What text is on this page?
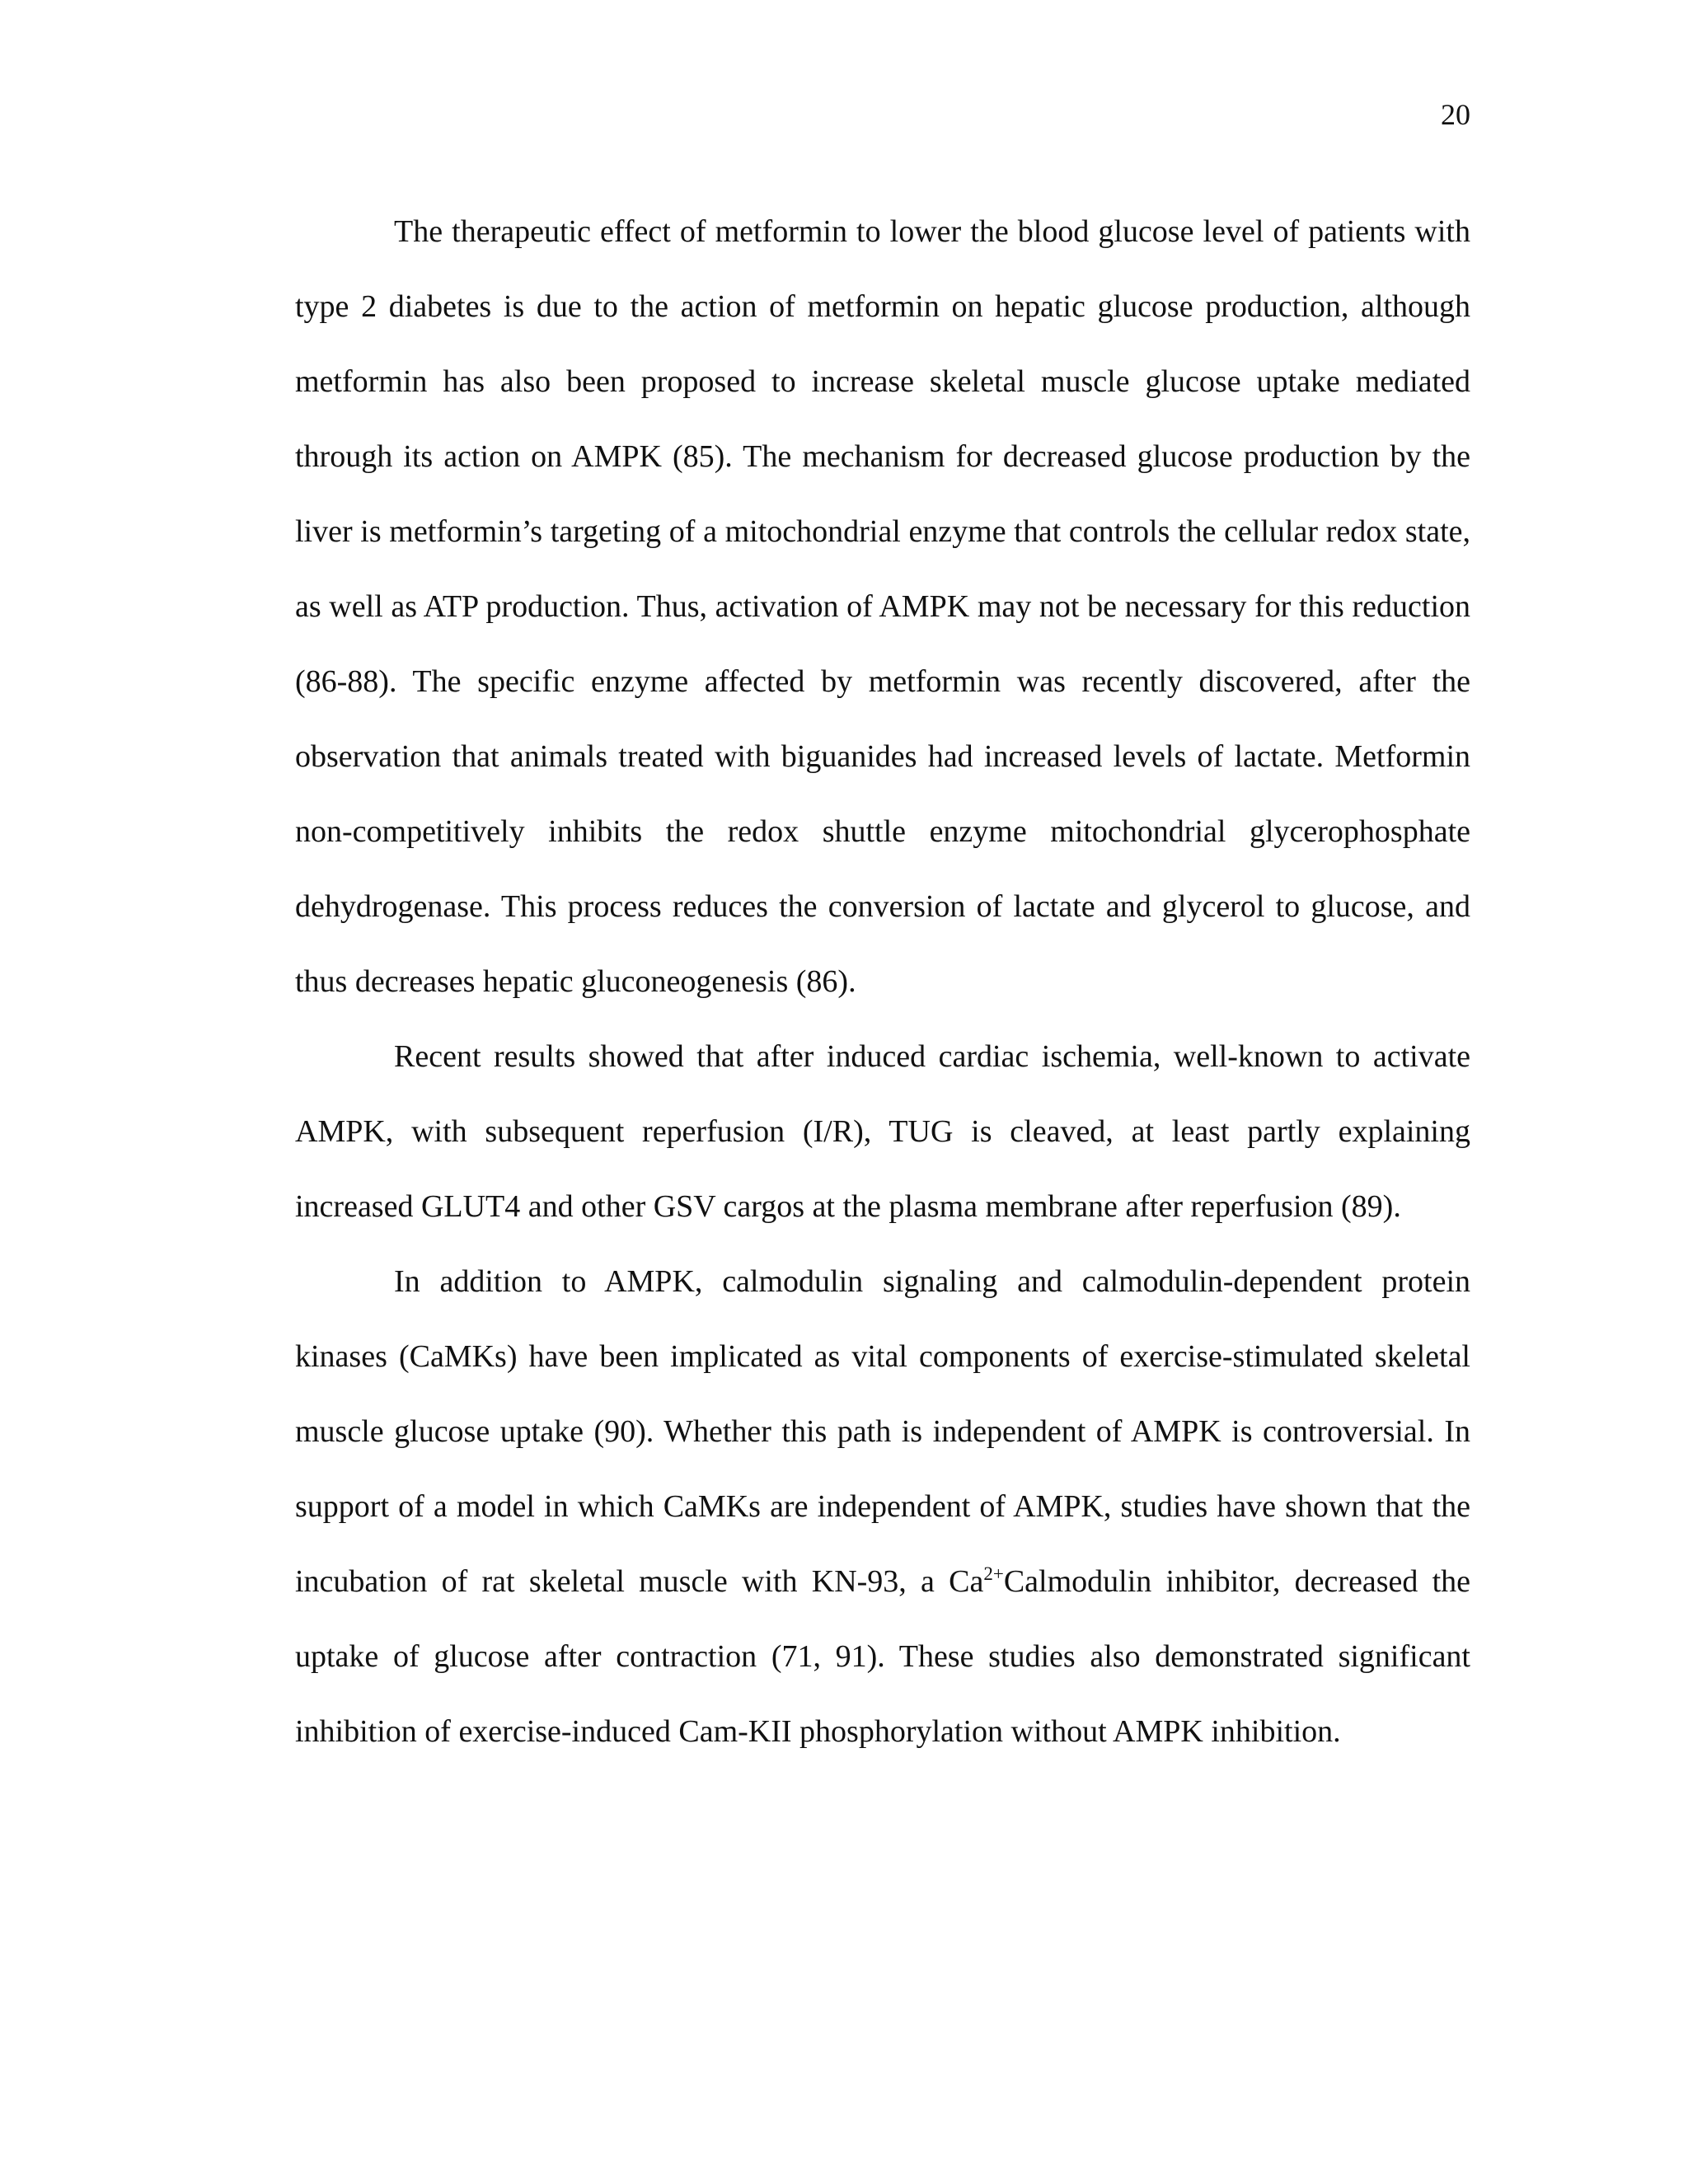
20

The therapeutic effect of metformin to lower the blood glucose level of patients with type 2 diabetes is due to the action of metformin on hepatic glucose production, although metformin has also been proposed to increase skeletal muscle glucose uptake mediated through its action on AMPK (85). The mechanism for decreased glucose production by the liver is metformin’s targeting of a mitochondrial enzyme that controls the cellular redox state, as well as ATP production. Thus, activation of AMPK may not be necessary for this reduction (86-88). The specific enzyme affected by metformin was recently discovered, after the observation that animals treated with biguanides had increased levels of lactate. Metformin non-competitively inhibits the redox shuttle enzyme mitochondrial glycerophosphate dehydrogenase. This process reduces the conversion of lactate and glycerol to glucose, and thus decreases hepatic gluconeogenesis (86).

Recent results showed that after induced cardiac ischemia, well-known to activate AMPK, with subsequent reperfusion (I/R), TUG is cleaved, at least partly explaining increased GLUT4 and other GSV cargos at the plasma membrane after reperfusion (89).

In addition to AMPK, calmodulin signaling and calmodulin-dependent protein kinases (CaMKs) have been implicated as vital components of exercise-stimulated skeletal muscle glucose uptake (90). Whether this path is independent of AMPK is controversial. In support of a model in which CaMKs are independent of AMPK, studies have shown that the incubation of rat skeletal muscle with KN-93, a $Ca^{2+}Calmodulin$ inhibitor, decreased the uptake of glucose after contraction (71, 91). These studies also demonstrated significant inhibition of exercise-induced Cam-KII phosphorylation without AMPK inhibition.
